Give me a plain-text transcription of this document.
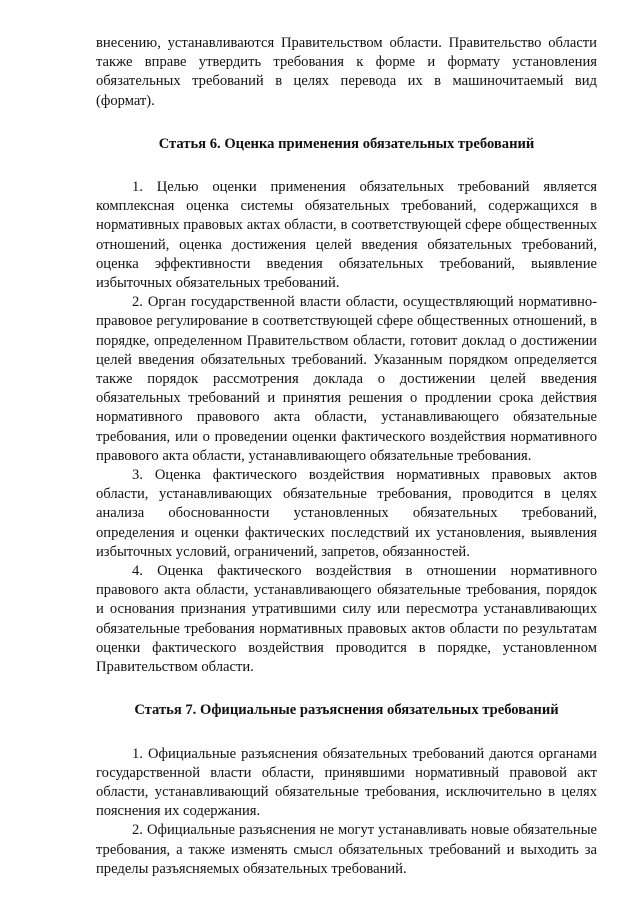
внесению, устанавливаются Правительством области. Правительство области также вправе утвердить требования к форме и формату установления обязательных требований в целях перевода их в машиночитаемый вид (формат).

Статья 6. Оценка применения обязательных требований

1. Целью оценки применения обязательных требований является комплексная оценка системы обязательных требований, содержащихся в нормативных правовых актах области, в соответствующей сфере общественных отношений, оценка достижения целей введения обязательных требований, оценка эффективности введения обязательных требований, выявление избыточных обязательных требований.

2. Орган государственной власти области, осуществляющий нормативно-правовое регулирование в соответствующей сфере общественных отношений, в порядке, определенном Правительством области, готовит доклад о достижении целей введения обязательных требований. Указанным порядком определяется также порядок рассмотрения доклада о достижении целей введения обязательных требований и принятия решения о продлении срока действия нормативного правового акта области, устанавливающего обязательные требования, или о проведении оценки фактического воздействия нормативного правового акта области, устанавливающего обязательные требования.

3. Оценка фактического воздействия нормативных правовых актов области, устанавливающих обязательные требования, проводится в целях анализа обоснованности установленных обязательных требований, определения и оценки фактических последствий их установления, выявления избыточных условий, ограничений, запретов, обязанностей.

4. Оценка фактического воздействия в отношении нормативного правового акта области, устанавливающего обязательные требования, порядок и основания признания утратившими силу или пересмотра устанавливающих обязательные требования нормативных правовых актов области по результатам оценки фактического воздействия проводится в порядке, установленном Правительством области.

Статья 7. Официальные разъяснения обязательных требований

1. Официальные разъяснения обязательных требований даются органами государственной власти области, принявшими нормативный правовой акт области, устанавливающий обязательные требования, исключительно в целях пояснения их содержания.

2. Официальные разъяснения не могут устанавливать новые обязательные требования, а также изменять смысл обязательных требований и выходить за пределы разъясняемых обязательных требований.
